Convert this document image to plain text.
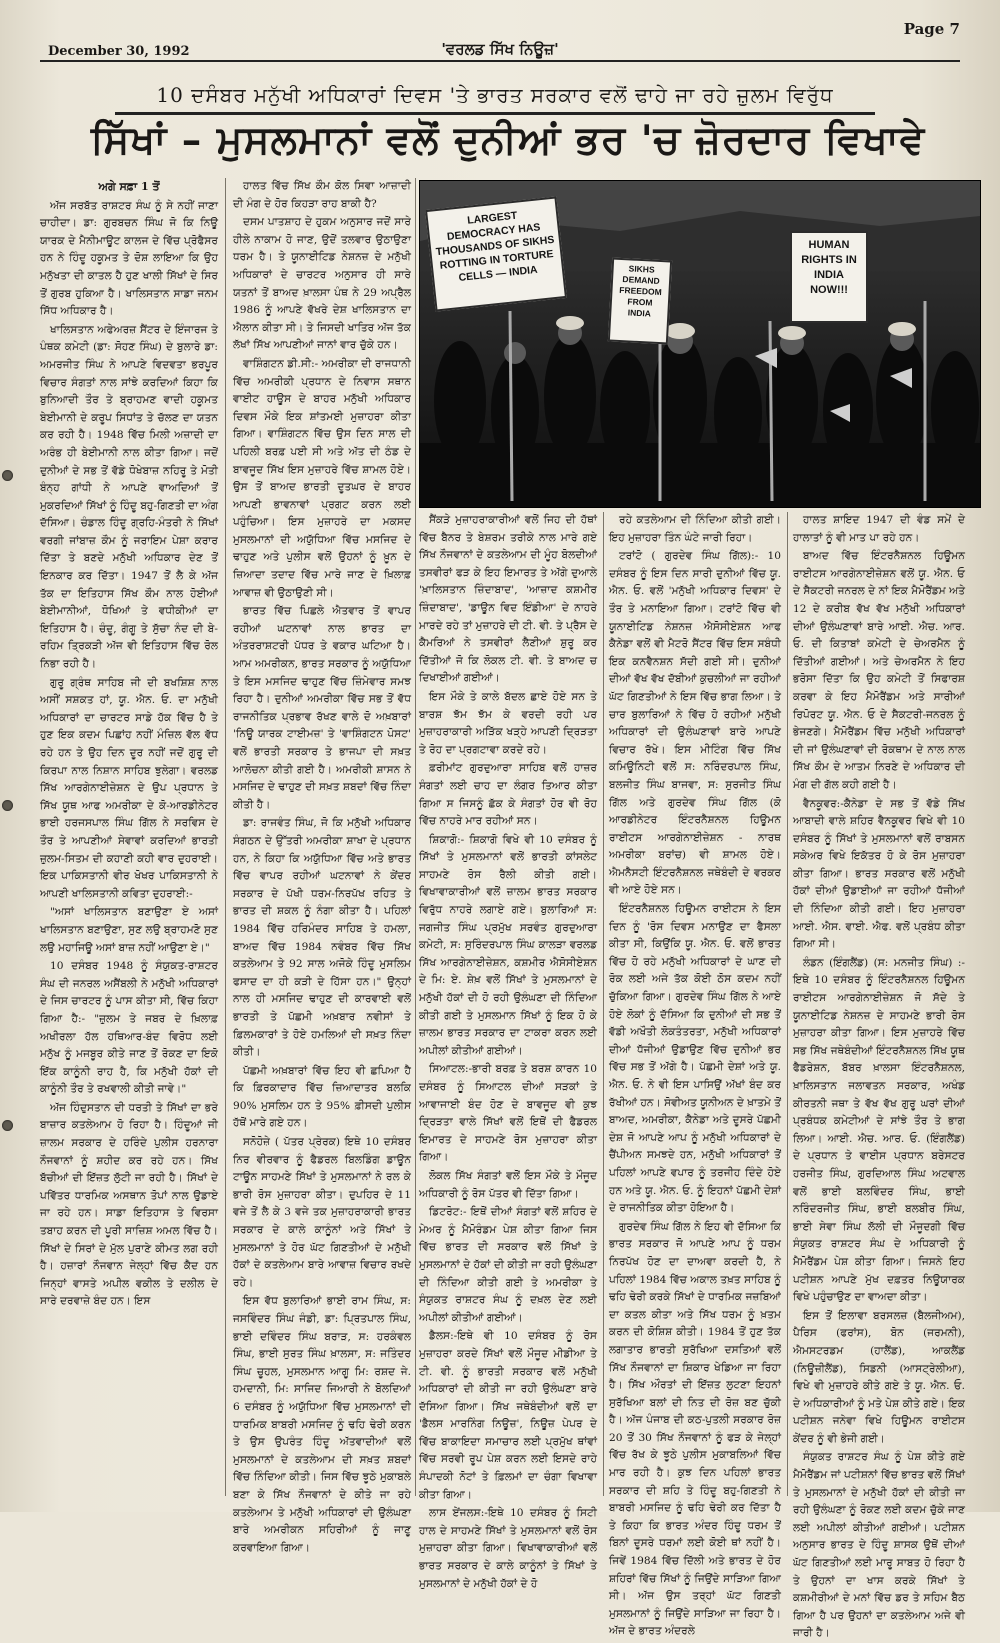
December 30, 1992	'ਵਰਲਡ ਸਿੱਖ ਨਿਊਜ਼'
Page 7
10 ਦਸੰਬਰ ਮਨੁੱਖੀ ਅਧਿਕਾਰਾਂ ਦਿਵਸ 'ਤੇ ਭਾਰਤ ਸਰਕਾਰ ਵਲੋਂ ਢਾਹੇ ਜਾ ਰਹੇ ਜ਼ੁਲਮ ਵਿਰੁੱਧ
ਸਿੱਖਾਂ – ਮੁਸਲਮਾਨਾਂ ਵਲੋਂ ਦੁਨੀਆਂ ਭਰ 'ਚ ਜ਼ੋਰਦਾਰ ਵਿਖਾਵੇ
ਅਗੇ ਸਫ਼ਾ 1 ਤੋਂ

ਅੱਜ ਸਰਬੱਤ ਰਾਸ਼ਟਰ ਸੰਘ ਨੂੰ ਸੇ ਨਹੀਂ ਜਾਣਾ ਚਾਹੀਦਾ। ਡਾ: ਗੁਰਬਚਨ ਸਿੰਘ ਜੋ ਕਿ ਨਿਊ ਯਾਰਕ ਦੇ ਮੈਨੀਮਾਊਟ ਕਾਲਜ ਦੇ ਵਿੱਚ ਪ੍ਰੋਫੈਸਰ ਹਨ ਨੇ ਹਿੰਦੂ ਹਕੂਮਤ ਤੇ ਦੋਸ਼ ਲਾਇਆ ਕਿ ਉਹ ਮਨੁੱਖਤਾ ਦੀ ਕਾਤਲ ਹੈ ਹੁਣ ਖਾਲੀ ਸਿੱਖਾਂ ਦੇ ਸਿਰ ਤੋਂ ਗੁਰਬ ਹੁਕਿਆ ਹੈ। ਖਾਲਿਸਤਾਨ ਸਾਡਾ ਜਨਮ ਸਿੱਧ ਅਧਿਕਾਰ ਹੈ।

ਖਾਲਿਸਤਾਨ ਅਫੇਅਰਜ਼ ਸੈਂਟਰ ਦੇ ਇੰਜਾਰਜ ਤੇ ਪੰਥਕ ਕਮੇਟੀ (ਡਾ: ਸੋਹਣ ਸਿੰਘ) ਦੇ ਬੁਲਾਰੇ ਡਾ: ਅਮਰਜੀਤ ਸਿੰਘ ਨੇ ਆਪਣੇ ਵਿਦਵਤਾ ਭਰਪੂਰ ਵਿਚਾਰ ਸੰਗਤਾਂ ਨਾਲ ਸਾਂਝੇ ਕਰਦਿਆਂ ਕਿਹਾ ਕਿ ਬੁਨਿਆਦੀ ਤੌਰ ਤੇ ਬ੍ਰਾਹਮਣ ਵਾਦੀ ਹਕੂਮਤ ਬੇਈਮਾਨੀ ਦੇ ਕਰੂਪ ਸਿਧਾਂਤ ਤੇ ਚੱਲਣ ਦਾ ਯਤਨ ਕਰ ਰਹੀ ਹੈ। 1948 ਵਿੱਚ ਮਿਲੀ ਅਜ਼ਾਦੀ ਦਾ ਅਰੰਭ ਹੀ ਬੇਈਮਾਨੀ ਨਾਲ ਕੀਤਾ ਗਿਆ। ਜਦੋਂ ਦੁਨੀਆਂ ਦੇ ਸਭ ਤੋਂ ਵੱਡੇ ਧੋਖੇਬਾਜ਼ ਨਹਿਰੂ ਤੇ ਮੋਤੀ ਬੰਨ੍ਹ ਗਾਂਧੀ ਨੇ ਆਪਣੇ ਵਾਅਦਿਆਂ ਤੋਂ ਮੁਕਰਦਿਆਂ ਸਿੱਖਾਂ ਨੂੰ ਹਿੰਦੂ ਬਹੁ-ਗਿਣਤੀ ਦਾ ਅੰਗ ਦੱਸਿਆ। ਚੰਡਾਲ ਹਿੰਦੂ ਗ੍ਰਹਿ-ਮੰਤਰੀ ਨੇ ਸਿੱਖਾਂ ਵਰਗੀ ਜਾਂਬਾਜ਼ ਕੌਮ ਨੂੰ ਜਰਾਇਮ ਪੇਸ਼ਾ ਕਰਾਰ ਦਿੱਤਾ ਤੇ ਬਣਦੇ ਮਨੁੱਖੀ ਅਧਿਕਾਰ ਦੇਣ ਤੋਂ ਇਨਕਾਰ ਕਰ ਦਿੱਤਾ। 1947 ਤੋਂ ਲੈ ਕੇ ਅੱਜ ਤੱਕ ਦਾ ਇਤਿਹਾਸ ਸਿੱਖ ਕੌਮ ਨਾਲ ਹੋਈਆਂ ਬੇਈਮਾਨੀਆਂ, ਧੋਖਿਆਂ ਤੇ ਵਧੀਕੀਆਂ ਦਾ ਇਤਿਹਾਸ ਹੈ। ਚੰਦੂ, ਗੰਗੂ ਤੇ ਸੁੱਚਾ ਨੰਦ ਦੀ ਬੇ-ਰਹਿਮ ਤ੍ਰਿਕੜੀ ਅੱਜ ਵੀ ਇਤਿਹਾਸ ਵਿੱਚ ਰੋਲ ਨਿਭਾ ਰਹੀ ਹੈ।

ਗੁਰੂ ਗ੍ਰੰਥ ਸਾਹਿਬ ਜੀ ਦੀ ਬਖਸ਼ਿਸ਼ ਨਾਲ ਅਸੀਂ ਸਸ਼ਕਤ ਹਾਂ, ਯੂ. ਐਨ. ਓ. ਦਾ ਮਨੁੱਖੀ ਅਧਿਕਾਰਾਂ ਦਾ ਚਾਰਟਰ ਸਾਡੇ ਹੱਕ ਵਿੱਚ ਹੈ ਤੇ ਹੁਣ ਇਕ ਕਦਮ ਪਿਛਾਂਹ ਨਹੀਂ ਮੰਜ਼ਿਲ ਵੱਲ ਵੱਧ ਰਹੇ ਹਨ ਤੇ ਉਹ ਦਿਨ ਦੂਰ ਨਹੀਂ ਜਦੋਂ ਗੁਰੂ ਦੀ ਕਿਰਪਾ ਨਾਲ ਨਿਸ਼ਾਨ ਸਾਹਿਬ ਝੁਲੇਗਾ। ਵਰਲਡ ਸਿੱਖ ਆਰਗੇਨਾਈਜ਼ੇਸ਼ਨ ਦੇ ਉਪ ਪ੍ਰਧਾਨ ਤੇ ਸਿੱਖ ਯੂਥ ਆਫ ਅਮਰੀਕਾ ਦੇ ਕੋ-ਆਰਡੀਨੇਟਰ ਭਾਈ ਹਰਜਸਪਾਲ ਸਿੰਘ ਗਿੱਲ ਨੇ ਸਰਵਿਸ ਦੇ ਤੌਰ ਤੇ ਆਪਣੀਆਂ ਸੇਵਾਵਾਂ ਕਰਦਿਆਂ ਭਾਰਤੀ ਜ਼ੁਲਮ-ਸਿਤਮ ਦੀ ਕਹਾਣੀ ਕਹੀ ਵਾਰ ਦੁਹਰਾਈ। ਇਕ ਪਾਕਿਸਤਾਨੀ ਵੀਰ ਖੋਖਰ ਪਾਕਿਸਤਾਨੀ ਨੇ ਆਪਣੀ ਖਾਲਿਸਤਾਨੀ ਕਵਿਤਾ ਦੁਹਰਾਈ:-

"ਅਸਾਂ ਖਾਲਿਸਤਾਨ ਬਣਾਉਣਾ ਏ ਅਸਾਂ ਖਾਲਿਸਤਾਨ ਬਣਾਉਣਾ, ਸੁਣ ਲਉ ਬ੍ਰਾਹਮਣੋ ਸੁਣ ਲਉ ਮਹਾਜਿਊ ਅਸਾਂ ਬਾਜ਼ ਨਹੀਂ ਆਉਣਾ ਏ।"

10 ਦਸੰਬਰ 1948 ਨੂੰ ਸੰਯੁਕਤ-ਰਾਸ਼ਟਰ ਸੰਘ ਦੀ ਜਨਰਲ ਅਸੈਂਬਲੀ ਨੇ ਮਨੁੱਖੀ ਅਧਿਕਾਰਾਂ ਦੇ ਜਿਸ ਚਾਰਟਰ ਨੂੰ ਪਾਸ ਕੀਤਾ ਸੀ, ਵਿੱਚ ਕਿਹਾ ਗਿਆ ਹੈ:- "ਜ਼ੁਲਮ ਤੇ ਜਬਰ ਦੇ ਖ਼ਿਲਾਫ਼ ਅਖੀਰਲਾ ਹੱਲ ਹਥਿਆਰ-ਬੰਦ ਵਿਰੋਧ ਲਈ ਮਨੁੱਖ ਨੂੰ ਮਜਬੂਰ ਕੀਤੇ ਜਾਣ ਤੋਂ ਰੋਕਣ ਦਾ ਇਕੋ ਇੱਕ ਕਾਨੂੰਨੀ ਰਾਹ ਹੈ, ਕਿ ਮਨੁੱਖੀ ਹੱਕਾਂ ਦੀ ਕਾਨੂੰਨੀ ਤੌਰ ਤੇ ਰਖਵਾਲੀ ਕੀਤੀ ਜਾਵੇ।"

ਅੱਜ ਹਿੰਦੁਸਤਾਨ ਦੀ ਧਰਤੀ ਤੇ ਸਿੱਖਾਂ ਦਾ ਭਰੇ ਬਾਜ਼ਾਰ ਕਤਲੇਆਮ ਹੋ ਰਿਹਾ ਹੈ। ਹਿੰਦੂਆਂ ਜੀ ਜ਼ਾਲਮ ਸਰਕਾਰ ਦੇ ਹਰਿੰਦੇ ਪੁਲੀਸ ਹਰਨਾਰਾ ਨੌਜਵਾਨਾਂ ਨੂੰ ਸ਼ਹੀਦ ਕਰ ਰਹੇ ਹਨ। ਸਿੱਖ ਬੱਚੀਆਂ ਦੀ ਇੱਜ਼ਤ ਲੁੱਟੀ ਜਾ ਰਹੀ ਹੈ। ਸਿੱਖਾਂ ਦੇ ਪਵਿੱਤਰ ਧਾਰਮਿਕ ਅਸਥਾਨ ਤੋਪਾਂ ਨਾਲ ਉਡਾਏ ਜਾ ਰਹੇ ਹਨ। ਸਾਡਾ ਇਤਿਹਾਸ ਤੇ ਵਿਰਸਾ ਤਬਾਹ ਕਰਨ ਦੀ ਪੂਰੀ ਸਾਜ਼ਿਸ਼ ਅਮਲ ਵਿੱਚ ਹੈ। ਸਿੱਖਾਂ ਦੇ ਸਿਰਾਂ ਦੇ ਮੁੱਲ ਪੁਰਾਣੇ ਕੀਮਤ ਲਗ ਰਹੀ ਹੈ। ਹਜ਼ਾਰਾਂ ਨੌਜਵਾਨ ਜੇਲ੍ਹਾਂ ਵਿੱਚ ਕੈਦ ਹਨ ਜਿਨ੍ਹਾਂ ਵਾਸਤੇ ਅਪੀਲ ਵਕੀਲ ਤੇ ਦਲੀਲ ਦੇ ਸਾਰੇ ਦਰਵਾਜ਼ੇ ਬੰਦ ਹਨ। ਇਸ

ਹਾਲਤ ਵਿੱਚ ਸਿੱਖ ਕੌਮ ਕੋਲ ਸਿਵਾ ਆਜ਼ਾਦੀ ਦੀ ਮੰਗ ਦੇ ਹੋਰ ਕਿਹੜਾ ਰਾਹ ਬਾਕੀ ਹੈ?

ਦਸਮ ਪਾਤਸ਼ਾਹ ਦੇ ਹੁਕਮ ਅਨੁਸਾਰ ਜਦੋਂ ਸਾਰੇ ਹੀਲੇ ਨਾਕਾਮ ਹੋ ਜਾਣ, ਉਦੋਂ ਤਲਵਾਰ ਉਠਾਉਣਾ ਧਰਮ ਹੈ। ਤੇ ਯੂਨਾਈਟਿਡ ਨੇਸ਼ਨਜ਼ ਦੇ ਮਨੁੱਖੀ ਅਧਿਕਾਰਾਂ ਦੇ ਚਾਰਟਰ ਅਨੁਸਾਰ ਹੀ ਸਾਰੇ ਯਤਨਾਂ ਤੋਂ ਬਾਅਦ ਖ਼ਾਲਸਾ ਪੰਥ ਨੇ 29 ਅਪ੍ਰੈਲ 1986 ਨੂੰ ਆਪਣੇ ਵੱਖਰੇ ਦੇਸ਼ ਖਾਲਿਸਤਾਨ ਦਾ ਐਲਾਨ ਕੀਤਾ ਸੀ। ਤੇ ਜਿਸਦੀ ਖਾਤਿਰ ਅੱਜ ਤੱਕ ਲੱਖਾਂ ਸਿੱਖ ਆਪਣੀਆਂ ਜਾਨਾਂ ਵਾਰ ਚੁੱਕੇ ਹਨ।

ਵਾਸ਼ਿੰਗਟਨ ਡੀ.ਸੀ:- ਅਮਰੀਕਾ ਦੀ ਰਾਜਧਾਨੀ ਵਿੱਚ ਅਮਰੀਕੀ ਪ੍ਰਧਾਨ ਦੇ ਨਿਵਾਸ ਸਥਾਨ ਵਾਈਟ ਹਾਊਸ ਦੇ ਬਾਹਰ ਮਨੁੱਖੀ ਅਧਿਕਾਰ ਦਿਵਸ ਮੌਕੇ ਇਕ ਸ਼ਾਂਤਮਈ ਮੁਜ਼ਾਹਰਾ ਕੀਤਾ ਗਿਆ। ਵਾਸ਼ਿੰਗਟਨ ਵਿੱਚ ਉਸ ਦਿਨ ਸਾਲ ਦੀ ਪਹਿਲੀ ਬਰਫ਼ ਪਈ ਸੀ ਅਤੇ ਅੱਤ ਦੀ ਠੰਡ ਦੇ ਬਾਵਜੂਦ ਸਿੱਖ ਇਸ ਮੁਜ਼ਾਹਰੇ ਵਿੱਚ ਸ਼ਾਮਲ ਹੋਏ। ਉਸ ਤੋਂ ਬਾਅਦ ਭਾਰਤੀ ਦੂਤਘਰ ਦੇ ਬਾਹਰ ਆਪਣੀ ਭਾਵਨਾਵਾਂ ਪ੍ਰਗਟ ਕਰਨ ਲਈ ਪਹੁੰਚਿਆ। ਇਸ ਮੁਜ਼ਾਹਰੇ ਦਾ ਮਕਸਦ ਮੁਸਲਮਾਨਾਂ ਦੀ ਅਯੁੱਧਿਆ ਵਿੱਚ ਮਸਜਿਦ ਦੇ ਢਾਹੁਣ ਅਤੇ ਪੁਲੀਸ ਵਲੋਂ ਉਹਨਾਂ ਨੂੰ ਖ਼ੂਨ ਦੇ ਜ਼ਿਆਦਾ ਤਦਾਦ ਵਿੱਚ ਮਾਰੇ ਜਾਣ ਦੇ ਖ਼ਿਲਾਫ਼ ਆਵਾਜ਼ ਵੀ ਉਠਾਉਣੀ ਸੀ।

ਭਾਰਤ ਵਿੱਚ ਪਿਛਲੇ ਐਤਵਾਰ ਤੋਂ ਵਾਪਰ ਰਹੀਆਂ ਘਟਨਾਵਾਂ ਨਾਲ ਭਾਰਤ ਦਾ ਅੰਤਰਰਾਸ਼ਟਰੀ ਪੱਧਰ ਤੇ ਵਕਾਰ ਘਟਿਆ ਹੈ। ਆਮ ਅਮਰੀਕਨ, ਭਾਰਤ ਸਰਕਾਰ ਨੂੰ ਅਯੁੱਧਿਆ ਤੇ ਇਸ ਮਸਜਿਦ ਢਾਹੁਣ ਵਿੱਚ ਜ਼ਿੰਮੇਵਾਰ ਸਮਝ ਰਿਹਾ ਹੈ। ਦੁਨੀਆਂ ਅਮਰੀਕਾ ਵਿੱਚ ਸਭ ਤੋਂ ਵੱਧ ਰਾਜਨੀਤਿਕ ਪ੍ਰਭਾਵ ਰੱਖਣ ਵਾਲੇ ਦੋ ਅਖ਼ਬਾਰਾਂ 'ਨਿਊ ਯਾਰਕ ਟਾਈਮਜ਼' ਤੇ 'ਵਾਸ਼ਿੰਗਟਨ ਪੋਸਟ' ਵਲੋਂ ਭਾਰਤੀ ਸਰਕਾਰ ਤੇ ਭਾਜਪਾ ਦੀ ਸਖ਼ਤ ਆਲੋਚਨਾ ਕੀਤੀ ਗਈ ਹੈ। ਅਮਰੀਕੀ ਸ਼ਾਸਨ ਨੇ ਮਸਜਿਦ ਦੇ ਢਾਹੁਣ ਦੀ ਸਖ਼ਤ ਸ਼ਬਦਾਂ ਵਿੱਚ ਨਿੰਦਾ ਕੀਤੀ ਹੈ।

ਡਾ: ਰਾਜਵੰਤ ਸਿੰਘ, ਜੋ ਕਿ ਮਨੁੱਖੀ ਅਧਿਕਾਰ ਸੰਗਠਨ ਦੇ ਉੱਤਰੀ ਅਮਰੀਕਾ ਸ਼ਾਖਾ ਦੇ ਪ੍ਰਧਾਨ ਹਨ, ਨੇ ਕਿਹਾ ਕਿ ਅਯੁੱਧਿਆ ਵਿੱਚ ਅਤੇ ਭਾਰਤ ਵਿੱਚ ਵਾਪਰ ਰਹੀਆਂ ਘਟਨਾਵਾਂ ਨੇ ਕੇਂਦਰ ਸਰਕਾਰ ਦੇ ਪੱਖੀ ਧਰਮ-ਨਿਰਪੱਖ ਰਹਿਤ ਤੇ ਭਾਰਤ ਦੀ ਸ਼ਕਲ ਨੂੰ ਨੰਗਾ ਕੀਤਾ ਹੈ। ਪਹਿਲਾਂ 1984 ਵਿੱਚ ਹਰਿਮੰਦਰ ਸਾਹਿਬ ਤੇ ਹਮਲਾ, ਬਾਅਦ ਵਿੱਚ 1984 ਨਵੰਬਰ ਵਿੱਚ ਸਿੱਖ ਕਤਲੇਆਮ ਤੇ 92 ਸਾਲ ਅਜੋਕੇ ਹਿੰਦੂ ਮੁਸਲਿਮ ਫਸਾਦ ਦਾ ਹੀ ਕੜੀ ਦੇ ਹਿੱਸਾ ਹਨ।" ਉਨ੍ਹਾਂ ਨਾਲ ਹੀ ਮਸਜਿਦ ਢਾਹੁਣ ਦੀ ਕਾਰਵਾਈ ਵਲੋਂ ਭਾਰਤੀ ਤੇ ਪੱਛਮੀ ਅਖ਼ਬਾਰ ਨਵੀਸਾਂ ਤੇ ਫ਼ਿਲਮਕਾਰਾਂ ਤੇ ਹੋਏ ਹਮਲਿਆਂ ਦੀ ਸਖ਼ਤ ਨਿੰਦਾ ਕੀਤੀ।

ਪੱਛਮੀ ਅਖ਼ਬਾਰਾਂ ਵਿੱਚ ਇਹ ਵੀ ਛਪਿਆ ਹੈ ਕਿ ਫ਼ਿਰਕਾਦਾਰ ਵਿੱਚ ਜ਼ਿਆਦਾਤਰ ਬਲਕਿ 90% ਮੁਸਲਿਮ ਹਨ ਤੇ 95% ਫ਼ੀਸਦੀ ਪੁਲੀਸ ਹੱਥੋਂ ਮਾਰੇ ਗਏ ਹਨ।

ਸਨੋਹੋਜ਼ੇ ( ਪੱਤਰ ਪ੍ਰੇਰਕ) ਇਥੇ 10 ਦਸੰਬਰ ਨਿਰ ਵੀਰਵਾਰ ਨੂੰ ਫੈਡਰਲ ਬਿਲਡਿੰਗ ਡਾਊਨ ਟਾਊਨ ਸਾਹਮਣੇ ਸਿੱਖਾਂ ਤੇ ਮੁਸਲਮਾਨਾਂ ਨੇ ਰਲ ਕੇ ਭਾਰੀ ਰੋਸ ਮੁਜ਼ਾਹਰਾ ਕੀਤਾ। ਦੁਪਹਿਰ ਦੇ 11 ਵਜੇ ਤੋਂ ਲੈ ਕੇ 3 ਵਜੇ ਤਕ ਮੁਜ਼ਾਹਰਾਕਾਰੀ ਭਾਰਤ ਸਰਕਾਰ ਦੇ ਕਾਲੇ ਕਾਨੂੰਨਾਂ ਅਤੇ ਸਿੱਖਾਂ ਤੇ ਮੁਸਲਮਾਨਾਂ ਤੇ ਹੋਰ ਘੱਟ ਗਿਣਤੀਆਂ ਦੇ ਮਨੁੱਖੀ ਹੱਕਾਂ ਦੇ ਕਤਲੇਆਮ ਬਾਰੇ ਆਵਾਜ਼ ਵਿਚਾਰ ਰਖਦੇ ਰਹੇ।

ਇਸ ਵੱਧ ਬੁਲਾਰਿਆਂ ਭਾਈ ਰਾਮ ਸਿੰਘ, ਸ: ਜਸਵਿੰਦਰ ਸਿੰਘ ਜੰਡੀ, ਡਾ: ਪ੍ਰਿਤਪਾਲ ਸਿੰਘ, ਭਾਈ ਦਵਿੰਦਰ ਸਿੰਘ ਬਰਾੜ, ਸ: ਹਰਕੰਵਲ ਸਿੰਘ, ਭਾਈ ਸੁਰਤ ਸਿੰਘ ਖ਼ਾਲਸਾ, ਸ: ਜਤਿੰਦਰ ਸਿੰਘ ਚੂਹਲ, ਮੁਸਲਮਾਨ ਆਗੂ ਮਿ: ਰਸ਼ਦ ਜੇ. ਹਮਦਾਨੀ, ਮਿ: ਸਾਜਿਦ ਜਿਆਰੀ ਨੇ ਬੋਲਦਿਆਂ 6 ਦਸੰਬਰ ਨੂੰ ਅਯੁੱਧਿਆ ਵਿੱਚ ਮੁਸਲਮਾਨਾਂ ਦੀ ਧਾਰਮਿਕ ਬਾਬਰੀ ਮਸਜਿਦ ਨੂੰ ਢਹਿ ਢੇਰੀ ਕਰਨ ਤੇ ਉਸ ਉਪਰੰਤ ਹਿੰਦੂ ਅੱਤਵਾਦੀਆਂ ਵਲੋਂ ਮੁਸਲਮਾਨਾਂ ਦੇ ਕਤਲੇਆਮ ਦੀ ਸਖ਼ਤ ਸ਼ਬਦਾਂ ਵਿੱਚ ਨਿੰਦਿਆ ਕੀਤੀ। ਜਿਸ ਵਿੱਚ ਝੂਠੇ ਮੁਕਾਬਲੇ ਬਣਾ ਕੇ ਸਿੱਖ ਨੌਜਵਾਨਾਂ ਦੇ ਕੀਤੇ ਜਾ ਰਹੇ ਕਤਲੇਆਮ ਤੇ ਮਨੁੱਖੀ ਅਧਿਕਾਰਾਂ ਦੀ ਉਲੰਘਣਾ ਬਾਰੇ ਅਮਰੀਕਨ ਸਹਿਰੀਆਂ ਨੂੰ ਜਾਣੂ ਕਰਵਾਇਆ ਗਿਆ।

LARGEST DEMOCRACY HAS THOUSANDS OF SIKHS ROTTING IN TORTURE CELLS — INDIA	SIKHS DEMAND FREEDOM FROM INDIA
HUMAN RIGHTS IN INDIA NOW!!!

ਸੈਂਕੜੇ ਮੁਜ਼ਾਹਰਾਕਾਰੀਆਂ ਵਲੋਂ ਜਿਹ ਦੀ ਹੱਥਾਂ ਵਿੱਚ ਬੈਨਰ ਤੇ ਬੇਸ਼ਰਮ ਤਰੀਕੇ ਨਾਲ ਮਾਰੇ ਗਏ ਸਿੱਖ ਨੌਜਵਾਨਾਂ ਦੇ ਕਤਲੇਆਮ ਦੀ ਮੂੰਹ ਬੋਲਦੀਆਂ ਤਸਵੀਰਾਂ ਫੜ ਕੇ ਇਹ ਇਮਾਰਤ ਤੇ ਅੱਗੇ ਦੁਆਲੇ 'ਖ਼ਾਲਿਸਤਾਨ ਜ਼ਿੰਦਾਬਾਦ', 'ਆਜ਼ਾਦ ਕਸ਼ਮੀਰ ਜ਼ਿੰਦਾਬਾਦ', 'ਡਾਊਨ ਵਿਦ ਇੰਡੀਆ' ਦੇ ਨਾਹਰੇ ਮਾਰਦੇ ਰਹੇ ਤਾਂ ਮੁਜ਼ਾਹਰੇ ਦੀ ਟੀ. ਵੀ. ਤੇ ਪ੍ਰੈਸ ਦੇ ਕੈਮਰਿਆਂ ਨੇ ਤਸਵੀਰਾਂ ਲੈਣੀਆਂ ਸ਼ੁਰੂ ਕਰ ਦਿੱਤੀਆਂ ਜੋ ਕਿ ਲੋਕਲ ਟੀ. ਵੀ. ਤੇ ਬਾਅਦ ਚ ਦਿਖਾਈਆਂ ਗਈਆਂ।

ਇਸ ਮੌਕੇ ਤੇ ਕਾਲੇ ਬੱਦਲ ਛਾਏ ਹੋਏ ਸਨ ਤੇ ਬਾਰਸ਼ ਝੱਮ ਝੱਮ ਕੇ ਵਰਦੀ ਰਹੀ ਪਰ ਮੁਜ਼ਾਹਰਾਕਾਰੀ ਅੜਿੱਕ ਖੜ੍ਹੇ ਆਪਣੀ ਦ੍ਰਿੜਤਾ ਤੇ ਰੋਹ ਦਾ ਪ੍ਰਗਟਾਵਾ ਕਰਦੇ ਰਹੇ।

ਫ਼ਰੀਮਾਂਟ ਗੁਰਦੁਆਰਾ ਸਾਹਿਬ ਵਲੋਂ ਹਾਜ਼ਰ ਸੰਗਤਾਂ ਲਈ ਚਾਹ ਦਾ ਲੰਗਰ ਤਿਆਰ ਕੀਤਾ ਗਿਆ ਸ ਜਿਸਨੂੰ ਛੱਕ ਕੇ ਸੰਗਤਾਂ ਹੋਰ ਵੀ ਰੋਹ ਵਿੱਚ ਨਾਹਰੇ ਮਾਰ ਰਹੀਆਂ ਸਨ।

ਸ਼ਿਕਾਗੋ:- ਸ਼ਿਕਾਗੋ ਵਿਖੇ ਵੀ 10 ਦਸੰਬਰ ਨੂੰ ਸਿੱਖਾਂ ਤੇ ਮੁਸਲਮਾਨਾਂ ਵਲੋਂ ਭਾਰਤੀ ਕਾਂਸਲੇਟ ਸਾਹਮਣੇ ਰੋਸ ਰੈਲੀ ਕੀਤੀ ਗਈ। ਵਿਖਾਵਾਕਾਰੀਆਂ ਵਲੋਂ ਜ਼ਾਲਮ ਭਾਰਤ ਸਰਕਾਰ ਵਿਰੁੱਧ ਨਾਹਰੇ ਲਗਾਏ ਗਏ। ਬੁਲਾਰਿਆਂ ਸ: ਜਗਜੀਤ ਸਿੰਘ ਪ੍ਰਮੁੱਖ ਸਰਵੰਤ ਗੁਰਦੁਆਰਾ ਕਮੇਟੀ, ਸ: ਸੁਰਿੰਦਰਪਾਲ ਸਿੰਘ ਕਾਲੜਾ ਵਰਲਡ ਸਿੱਖ ਆਰਗੇਨਾਈਜ਼ੇਸ਼ਨ, ਕਸ਼ਮੀਰ ਐਸੋਸੀਏਸ਼ਨ ਦੇ ਮਿ: ਏ. ਸ਼ੇਖ਼ ਵਲੋਂ ਸਿੱਖਾਂ ਤੇ ਮੁਸਲਮਾਨਾਂ ਦੇ ਮਨੁੱਖੀ ਹੱਕਾਂ ਦੀ ਹੋ ਰਹੀ ਉਲੰਘਣਾ ਦੀ ਨਿੰਦਿਆ ਕੀਤੀ ਗਈ ਤੇ ਮੁਸਲਮਾਨ ਸਿੱਖਾਂ ਨੂੰ ਇਕ ਹੋ ਕੇ ਜ਼ਾਲਮ ਭਾਰਤ ਸਰਕਾਰ ਦਾ ਟਾਕਰਾ ਕਰਨ ਲਈ ਅਪੀਲਾਂ ਕੀਤੀਆਂ ਗਈਆਂ।

ਸਿਆਟਲ:-ਭਾਰੀ ਬਰਫ਼ ਤੇ ਬਰਸ਼ ਕਾਰਨ 10 ਦਸੰਬਰ ਨੂੰ ਸਿਆਟਲ ਦੀਆਂ ਸੜਕਾਂ ਤੇ ਆਵਾਜਾਈ ਬੰਦ ਹੋਣ ਦੇ ਬਾਵਜੂਦ ਵੀ ਕੁਝ ਦ੍ਰਿੜਤਾ ਵਾਲੇ ਸਿੱਖਾਂ ਵਲੋਂ ਇਥੋਂ ਦੀ ਫੈਡਰਲ ਇਮਾਰਤ ਦੇ ਸਾਹਮਣੇ ਰੋਸ ਮੁਜ਼ਾਹਰਾ ਕੀਤਾ ਗਿਆ।

ਲੋਕਲ ਸਿੱਖ ਸੰਗਤਾਂ ਵਲੋਂ ਇਸ ਮੌਕੇ ਤੇ ਮੌਜੂਦ ਅਧਿਕਾਰੀ ਨੂੰ ਰੋਸ ਪੱਤਰ ਵੀ ਦਿੱਤਾ ਗਿਆ।

ਡਿਟਰੋਟ:- ਇਥੋਂ ਦੀਆਂ ਸੰਗਤਾਂ ਵਲੋਂ ਸ਼ਹਿਰ ਦੇ ਮੇਅਰ ਨੂੰ ਮੈਮੋਰੰਡਮ ਪੇਸ਼ ਕੀਤਾ ਗਿਆ ਜਿਸ ਵਿੱਚ ਭਾਰਤ ਦੀ ਸਰਕਾਰ ਵਲੋਂ ਸਿੱਖਾਂ ਤੇ ਮੁਸਲਮਾਨਾਂ ਦੇ ਹੱਕਾਂ ਦੀ ਕੀਤੀ ਜਾ ਰਹੀ ਉਲੰਘਣਾ ਦੀ ਨਿੰਦਿਆ ਕੀਤੀ ਗਈ ਤੇ ਅਮਰੀਕਾ ਤੇ ਸੰਯੁਕਤ ਰਾਸ਼ਟਰ ਸੰਘ ਨੂੰ ਦਖ਼ਲ ਦੇਣ ਲਈ ਅਪੀਲਾਂ ਕੀਤੀਆਂ ਗਈਆਂ।

ਡੈਲਸ:-ਇਥੇ ਵੀ 10 ਦਸੰਬਰ ਨੂੰ ਰੋਸ ਮੁਜ਼ਾਹਰਾ ਕਰਦੇ ਸਿੱਖਾਂ ਵਲੋਂ ਮੌਜੂਦ ਮੀਡੀਆ ਤੇ ਟੀ. ਵੀ. ਨੂੰ ਭਾਰਤੀ ਸਰਕਾਰ ਵਲੋਂ ਮਨੁੱਖੀ ਅਧਿਕਾਰਾਂ ਦੀ ਕੀਤੀ ਜਾ ਰਹੀ ਉਲੰਘਣਾ ਬਾਰੇ ਦੱਸਿਆ ਗਿਆ। ਸਿੱਖ ਜਥੇਬੰਦੀਆਂ ਵਲੋਂ ਦਾ 'ਡੈਲਸ ਮਾਰਨਿੰਗ ਨਿਊਜ਼', ਨਿਊਜ਼ ਪੇਪਰ ਦੇ ਵਿੱਚ ਬਾਕਾਇਦਾ ਸਮਾਚਾਰ ਲਈ ਪ੍ਰਮੁੱਖ ਥਾਂਵਾਂ ਵਿੱਚ ਸਰਵੀ ਰੂਪ ਪੇਸ਼ ਕਰਨ ਲਈ ਇਸਦੇ ਰਾਹੇ ਸੰਪਾਦਕੀ ਨੋਟਾਂ ਤੇ ਫ਼ਿਲਮਾਂ ਦਾ ਚੰਗਾ ਵਿਖਾਵਾ ਕੀਤਾ ਗਿਆ।

ਲਾਸ ਏਂਜਲਸ:-ਇਥੇ 10 ਦਸੰਬਰ ਨੂੰ ਸਿਟੀ ਹਾਲ ਦੇ ਸਾਹਮਣੇ ਸਿੱਖਾਂ ਤੇ ਮੁਸਲਮਾਨਾਂ ਵਲੋਂ ਰੋਸ ਮੁਜ਼ਾਹਰਾ ਕੀਤਾ ਗਿਆ। ਵਿਖਾਵਾਕਾਰੀਆਂ ਵਲੋਂ ਭਾਰਤ ਸਰਕਾਰ ਦੇ ਕਾਲੇ ਕਾਨੂੰਨਾਂ ਤੇ ਸਿੱਖਾਂ ਤੇ ਮੁਸਲਮਾਨਾਂ ਦੇ ਮਨੁੱਖੀ ਹੱਕਾਂ ਦੇ ਹੋ

ਰਹੇ ਕਤਲੇਆਮ ਦੀ ਨਿੰਦਿਆ ਕੀਤੀ ਗਈ। ਇਹ ਮੁਜ਼ਾਹਰਾ ਤਿੰਨ ਘੰਟੇ ਜਾਰੀ ਰਿਹਾ।

ਟਰਾਂਟੋ ( ਗੁਰਦੇਵ ਸਿੰਘ ਗਿੱਲ):- 10 ਦਸੰਬਰ ਨੂੰ ਇਸ ਦਿਨ ਸਾਰੀ ਦੁਨੀਆਂ ਵਿੱਚ ਯੂ. ਐਨ. ਓ. ਵਲੋਂ 'ਮਨੁੱਖੀ ਅਧਿਕਾਰ ਦਿਵਸ' ਦੇ ਤੌਰ ਤੇ ਮਨਾਇਆ ਗਿਆ। ਟਰਾਂਟੋ ਵਿੱਚ ਵੀ ਯੂਨਾਈਟਿਡ ਨੇਸ਼ਨਜ਼ ਐਸੋਸੀਏਸ਼ਨ ਆਫ ਕੈਨੇਡਾ ਵਲੋਂ ਵੀ ਮੈਟਰੋ ਸੈਂਟਰ ਵਿੱਚ ਇਸ ਸਬੰਧੀ ਇਕ ਕਨਵੈਨਸ਼ਨ ਸੱਦੀ ਗਈ ਸੀ। ਦੁਨੀਆਂ ਦੀਆਂ ਵੱਖ ਵੱਖ ਦੱਬੀਆਂ ਕੁਚਲੀਆਂ ਜਾ ਰਹੀਆਂ ਘੱਟ ਗਿਣਤੀਆਂ ਨੇ ਇਸ ਵਿੱਚ ਭਾਗ ਲਿਆ। ਤੇ ਚਾਰ ਬੁਲਾਰਿਆਂ ਨੇ ਵਿੱਚ ਹੋ ਰਹੀਆਂ ਮਨੁੱਖੀ ਅਧਿਕਾਰਾਂ ਦੀ ਉਲੰਘਣਾਵਾਂ ਬਾਰੇ ਆਪਣੇ ਵਿਚਾਰ ਰੱਖੇ। ਇਸ ਮੀਟਿੰਗ ਵਿੱਚ ਸਿੱਖ ਕਮਿਊਨਿਟੀ ਵਲੋਂ ਸ: ਨਰਿੰਦਰਪਾਲ ਸਿੰਘ, ਬਲਜੀਤ ਸਿੰਘ ਬਾਜਵਾ, ਸ: ਸੁਰਜੀਤ ਸਿੰਘ ਗਿੱਲ ਅਤੇ ਗੁਰਦੇਵ ਸਿੰਘ ਗਿੱਲ (ਕੋ ਆਰਡੀਨੇਟਰ ਇੰਟਰਨੈਸ਼ਨਲ ਹਿਊਮਨ ਰਾਈਟਸ ਆਰਗੇਨਾਈਜ਼ੇਸ਼ਨ - ਨਾਰਥ ਅਮਰੀਕਾ ਬਰਾਂਚ) ਵੀ ਸ਼ਾਮਲ ਹੋਏ। ਐਮਨੈਸਟੀ ਇੰਟਰਨੈਸ਼ਨਲ ਜਥੇਬੰਦੀ ਦੇ ਵਰਕਰ ਵੀ ਆਏ ਹੋਏ ਸਨ।

ਇੰਟਰਨੈਸ਼ਨਲ ਹਿਊਮਨ ਰਾਈਟਸ ਨੇ ਇਸ ਦਿਨ ਨੂੰ 'ਰੋਸ ਦਿਵਸ ਮਨਾਉਣ ਦਾ ਫੈਸਲਾ ਕੀਤਾ ਸੀ, ਕਿਉਂਕਿ ਯੂ. ਐਨ. ਓ. ਵਲੋਂ ਭਾਰਤ ਵਿੱਚ ਹੋ ਰਹੇ ਮਨੁੱਖੀ ਅਧਿਕਾਰਾਂ ਦੇ ਘਾਣ ਦੀ ਰੋਕ ਲਈ ਅਜੇ ਤੱਕ ਕੋਈ ਠੋਸ ਕਦਮ ਨਹੀਂ ਚੁੱਕਿਆ ਗਿਆ। ਗੁਰਦੇਵ ਸਿੰਘ ਗਿੱਲ ਨੇ ਆਏ ਹੋਏ ਲੋਕਾਂ ਨੂੰ ਦੱਸਿਆ ਕਿ ਦੁਨੀਆਂ ਦੀ ਸਭ ਤੋਂ ਵੱਡੀ ਅਖੌਤੀ ਲੋਕਤੰਤਰਤਾ, ਮਨੁੱਖੀ ਅਧਿਕਾਰਾਂ ਦੀਆਂ ਧੱਜੀਆਂ ਉਡਾਉਣ ਵਿੱਚ ਦੁਨੀਆਂ ਭਰ ਵਿੱਚ ਸਭ ਤੋਂ ਅੱਗੇ ਹੈ। ਪੱਛਮੀ ਦੇਸ਼ਾਂ ਅਤੇ ਯੂ. ਐਨ. ਓ. ਨੇ ਵੀ ਇਸ ਪਾਸਿਉਂ ਅੱਖਾਂ ਬੰਦ ਕਰ ਰੱਖੀਆਂ ਹਨ। ਸੋਵੀਅਤ ਯੂਨੀਅਨ ਦੇ ਖ਼ਾਤਮੇ ਤੋਂ ਬਾਅਦ, ਅਮਰੀਕਾ, ਕੈਨੇਡਾ ਅਤੇ ਦੂਸਰੇ ਪੱਛਮੀ ਦੇਸ਼ ਜੋ ਆਪਣੇ ਆਪ ਨੂੰ ਮਨੁੱਖੀ ਅਧਿਕਾਰਾਂ ਦੇ ਚੈਂਪੀਅਨ ਸਮਝਦੇ ਹਨ, ਮਨੁੱਖੀ ਅਧਿਕਾਰਾਂ ਤੋਂ ਪਹਿਲਾਂ ਆਪਣੇ ਵਪਾਰ ਨੂੰ ਤਰਜੀਹ ਦਿੰਦੇ ਹੋਏ ਹਨ ਅਤੇ ਯੂ. ਐਨ. ਓ. ਨੂੰ ਇਹਨਾਂ ਪੱਛਮੀ ਦੇਸ਼ਾਂ ਦੇ ਰਾਜਨੀਤਿਕ ਕੀਤਾ ਹੋਇਆ ਹੈ।

ਗੁਰਦੇਵ ਸਿੰਘ ਗਿੱਲ ਨੇ ਇਹ ਵੀ ਦੱਸਿਆ ਕਿ ਭਾਰਤ ਸਰਕਾਰ ਜੋ ਆਪਣੇ ਆਪ ਨੂੰ ਧਰਮ ਨਿਰਪੱਖ ਹੋਣ ਦਾ ਦਾਅਵਾ ਕਰਦੀ ਹੈ, ਨੇ ਪਹਿਲਾਂ 1984 ਵਿੱਚ ਅਕਾਲ ਤਖ਼ਤ ਸਾਹਿਬ ਨੂੰ ਢਹਿ ਢੇਰੀ ਕਰਕੇ ਸਿੱਖਾਂ ਦੇ ਧਾਰਮਿਕ ਜਜ਼ਬਿਆਂ ਦਾ ਕਤਲ ਕੀਤਾ ਅਤੇ ਸਿੱਖ ਧਰਮ ਨੂੰ ਖ਼ਤਮ ਕਰਨ ਦੀ ਕੋਸ਼ਿਸ਼ ਕੀਤੀ। 1984 ਤੋਂ ਹੁਣ ਤੱਕ ਲਗਾਤਾਰ ਭਾਰਤੀ ਸੁਰੱਖਿਆ ਦਸਤਿਆਂ ਵਲੋਂ ਸਿੱਖ ਨੌਜਵਾਨਾਂ ਦਾ ਸ਼ਿਕਾਰ ਖੇਡਿਆ ਜਾ ਰਿਹਾ ਹੈ। ਸਿੱਖ ਔਰਤਾਂ ਦੀ ਇੱਜ਼ਤ ਲੁਟਣਾ ਇਹਨਾਂ ਸੁਰੱਖਿਆ ਬਲਾਂ ਦੀ ਨਿਤ ਦੀ ਰੋਜ਼ ਬਣ ਚੁੱਕੀ ਹੈ। ਅੱਜ ਪੰਜਾਬ ਦੀ ਕਠ-ਪੁਤਲੀ ਸਰਕਾਰ ਰੋਜ਼ 20 ਤੋਂ 30 ਸਿੱਖ ਨੌਜਵਾਨਾਂ ਨੂੰ ਫੜ ਕੇ ਜੇਲ੍ਹਾਂ ਵਿੱਚ ਰੱਖ ਕੇ ਝੂਠੇ ਪੁਲੀਸ ਮੁਕਾਬਲਿਆਂ ਵਿੱਚ ਮਾਰ ਰਹੀ ਹੈ। ਕੁਝ ਦਿਨ ਪਹਿਲਾਂ ਭਾਰਤ ਸਰਕਾਰ ਦੀ ਸ਼ਹਿ ਤੇ ਹਿੰਦੂ ਬਹੁ-ਗਿਣਤੀ ਨੇ ਬਾਬਰੀ ਮਸਜਿਦ ਨੂੰ ਢਹਿ ਢੇਰੀ ਕਰ ਦਿੱਤਾ ਹੈ ਤੇ ਕਿਹਾ ਕਿ ਭਾਰਤ ਅੰਦਰ ਹਿੰਦੂ ਧਰਮ ਤੋਂ ਬਿਨਾਂ ਦੂਸਰੇ ਧਰਮਾਂ ਲਈ ਕੋਈ ਥਾਂ ਨਹੀਂ ਹੈ। ਜਿਵੇਂ 1984 ਵਿੱਚ ਦਿੱਲੀ ਅਤੇ ਭਾਰਤ ਦੇ ਹੋਰ ਸ਼ਹਿਰਾਂ ਵਿੱਚ ਸਿੱਖਾਂ ਨੂੰ ਜਿਉਂਦੇ ਸਾੜਿਆ ਗਿਆ ਸੀ। ਅੱਜ ਉਸ ਤਰ੍ਹਾਂ ਘੱਟ ਗਿਣਤੀ ਮੁਸਲਮਾਨਾਂ ਨੂੰ ਜਿਉਂਦੇ ਸਾੜਿਆ ਜਾ ਰਿਹਾ ਹੈ। ਅੱਜ ਦੇ ਭਾਰਤ ਅੰਦਰਲੇ

ਹਾਲਤ ਸ਼ਾਇਦ 1947 ਦੀ ਵੰਡ ਸਮੇਂ ਦੇ ਹਾਲਾਤਾਂ ਨੂੰ ਵੀ ਮਾਤ ਪਾ ਰਹੇ ਹਨ।

ਬਾਅਦ ਵਿੱਚ ਇੰਟਰਨੈਸ਼ਨਲ ਹਿਊਮਨ ਰਾਈਟਸ ਆਰਗੇਨਾਈਜ਼ੇਸ਼ਨ ਵਲੋਂ ਯੂ. ਐਨ. ਓ ਦੇ ਸੈਕਟਰੀ ਜਨਰਲ ਦੇ ਨਾਂ ਇਕ ਮੈਮੋਰੈਂਡਮ ਅਤੇ 12 ਦੇ ਕਰੀਬ ਵੱਖ ਵੱਖ ਮਨੁੱਖੀ ਅਧਿਕਾਰਾਂ ਦੀਆਂ ਉਲੰਘਣਾਵਾਂ ਬਾਰੇ ਆਈ. ਐਚ. ਆਰ. ਓ. ਦੀ ਕਿਤਾਬਾਂ ਕਮੇਟੀ ਦੇ ਚੇਅਰਮੈਨ ਨੂੰ ਦਿੱਤੀਆਂ ਗਈਆਂ। ਅਤੇ ਚੇਅਰਮੈਨ ਨੇ ਇਹ ਭਰੋਸਾ ਦਿੱਤਾ ਕਿ ਉਹ ਕਮੇਟੀ ਤੋਂ ਸਿਫਾਰਸ਼ ਕਰਵਾ ਕੇ ਇਹ ਮੈਮੋਰੈਂਡਮ ਅਤੇ ਸਾਰੀਆਂ ਰਿਪੋਰਟ ਯੂ. ਐਨ. ਓ ਦੇ ਸੈਕਟਰੀ-ਜਨਰਲ ਨੂੰ ਭੇਜਣਗੇ। ਮੈਮੋਰੈਂਡਮ ਵਿੱਚ ਮਨੁੱਖੀ ਅਧਿਕਾਰਾਂ ਦੀ ਜਾਂ ਉਲੰਘਣਾਵਾਂ ਦੀ ਰੋਕਥਾਮ ਦੇ ਨਾਲ ਨਾਲ ਸਿੱਖ ਕੌਮ ਦੇ ਆਤਮ ਨਿਰਣੇ ਦੇ ਅਧਿਕਾਰ ਦੀ ਮੰਗ ਦੀ ਗੱਲ ਕਹੀ ਗਈ ਹੈ।

ਵੈਨਕੂਵਰ:-ਕੈਨੇਡਾ ਦੇ ਸਭ ਤੋਂ ਵੱਡੇ ਸਿੱਖ ਆਬਾਦੀ ਵਾਲੇ ਸ਼ਹਿਰ ਵੈਨਕੂਵਰ ਵਿਖੇ ਵੀ 10 ਦਸੰਬਰ ਨੂੰ ਸਿੱਖਾਂ ਤੇ ਮੁਸਲਮਾਨਾਂ ਵਲੋਂ ਰਾਬਸਨ ਸਕੇਅਰ ਵਿਖੇ ਇਕੱਤਰ ਹੋ ਕੇ ਰੋਸ ਮੁਜ਼ਾਹਰਾ ਕੀਤਾ ਗਿਆ। ਭਾਰਤ ਸਰਕਾਰ ਵਲੋਂ ਮਨੁੱਖੀ ਹੱਕਾਂ ਦੀਆਂ ਉਡਾਈਆਂ ਜਾ ਰਹੀਆਂ ਧੱਜੀਆਂ ਦੀ ਨਿੰਦਿਆ ਕੀਤੀ ਗਈ। ਇਹ ਮੁਜ਼ਾਹਰਾ ਆਈ. ਐਸ. ਵਾਈ. ਐਫ. ਵਲੋਂ ਪ੍ਰਬੰਧ ਕੀਤਾ ਗਿਆ ਸੀ।

ਲੰਡਨ (ਇੰਗਲੈਂਡ) (ਸ: ਮਨਜੀਤ ਸਿੰਘ) :- ਇਥੇ 10 ਦਸੰਬਰ ਨੂੰ ਇੰਟਰਨੈਸ਼ਨਲ ਹਿਊਮਨ ਰਾਈਟਸ ਆਰਗੇਨਾਈਜ਼ੇਸ਼ਨ ਜੋ ਸੱਦੇ ਤੇ ਯੂਨਾਈਟਿਡ ਨੇਸ਼ਨਜ਼ ਦੇ ਸਾਹਮਣੇ ਭਾਰੀ ਰੋਸ ਮੁਜ਼ਾਹਰਾ ਕੀਤਾ ਗਿਆ। ਇਸ ਮੁਜ਼ਾਹਰੇ ਵਿੱਚ ਸਭ ਸਿੱਖ ਜਥੇਬੰਦੀਆਂ ਇੰਟਰਨੈਸ਼ਨਲ ਸਿੱਖ ਯੂਥ ਫੈਡਰੇਸ਼ਨ, ਬੱਬਰ ਖ਼ਾਲਸਾ ਇੰਟਰਨੈਸ਼ਨਲ, ਖ਼ਾਲਿਸਤਾਨ ਜਲਾਵਤਨ ਸਰਕਾਰ, ਅਖੰਡ ਕੀਰਤਨੀ ਜਥਾ ਤੇ ਵੱਖ ਵੱਖ ਗੁਰੂ ਘਰਾਂ ਦੀਆਂ ਪ੍ਰਬੰਧਕ ਕਮੇਟੀਆਂ ਦੇ ਸਾਂਝੇ ਤੌਰ ਤੇ ਭਾਗ ਲਿਆ। ਆਈ. ਐਚ. ਆਰ. ਓ. (ਇੰਗਲੈਂਡ) ਦੇ ਪ੍ਰਧਾਨ ਤੇ ਵਾਈਸ ਪ੍ਰਧਾਨ ਬਰੇਸਟਰ ਹਰਜੀਤ ਸਿੰਘ, ਗੁਰਦਿਆਲ ਸਿੰਘ ਅਟਵਾਲ ਵਲੋਂ ਭਾਈ ਬਲਵਿੰਦਰ ਸਿੰਘ, ਭਾਈ ਨਰਿੰਦਰਜੀਤ ਸਿੰਘ, ਭਾਈ ਬਲਬੀਰ ਸਿੰਘ, ਭਾਈ ਸੇਵਾ ਸਿੰਘ ਲੱਲੀ ਦੀ ਮੌਜੂਦਗੀ ਵਿੱਚ ਸੰਯੁਕਤ ਰਾਸ਼ਟਰ ਸੰਘ ਦੇ ਅਧਿਕਾਰੀ ਨੂੰ ਮੈਮੋਰੈਂਡਮ ਪੇਸ਼ ਕੀਤਾ ਗਿਆ। ਜਿਸਨੇ ਇਹ ਪਟੀਸ਼ਨ ਆਪਣੇ ਮੁੱਖ ਦਫ਼ਤਰ ਨਿਊਯਾਰਕ ਵਿਖੇ ਪਹੁੰਚਾਉਣ ਦਾ ਵਾਅਦਾ ਕੀਤਾ।

ਇਸ ਤੋਂ ਇਲਾਵਾ ਬਰਸਲਜ਼ (ਬੈਲਜੀਅਮ), ਪੈਰਿਸ (ਫਰਾਂਸ), ਬੋਨ (ਜਰਮਨੀ), ਐਮਸਟਰਡਮ (ਹਾਲੈਂਡ), ਆਕਲੈਂਡ (ਨਿਊਜ਼ੀਲੈਂਡ), ਸਿਡਨੀ (ਆਸਟ੍ਰੇਲੀਆ), ਵਿਖੇ ਵੀ ਮੁਜ਼ਾਹਰੇ ਕੀਤੇ ਗਏ ਤੇ ਯੂ. ਐਨ. ਓ. ਦੇ ਅਧਿਕਾਰੀਆਂ ਨੂੰ ਮਤੇ ਪੇਸ਼ ਕੀਤੇ ਗਏ। ਇਕ ਪਟੀਸ਼ਨ ਜਨੇਵਾ ਵਿਖੇ ਹਿਊਮਨ ਰਾਈਟਸ ਕੇਂਦਰ ਨੂੰ ਵੀ ਭੇਜੀ ਗਈ।

ਸੰਯੁਕਤ ਰਾਸ਼ਟਰ ਸੰਘ ਨੂੰ ਪੇਸ਼ ਕੀਤੇ ਗਏ ਮੈਮੋਰੈਂਡਮ ਜਾਂ ਪਟੀਸ਼ਨਾਂ ਵਿੱਚ ਭਾਰਤ ਵਲੋਂ ਸਿੱਖਾਂ ਤੇ ਮੁਸਲਮਾਨਾਂ ਦੇ ਮਨੁੱਖੀ ਹੱਕਾਂ ਦੀ ਕੀਤੀ ਜਾ ਰਹੀ ਉਲੰਘਣਾ ਨੂੰ ਰੋਕਣ ਲਈ ਕਦਮ ਚੁੱਕੇ ਜਾਣ ਲਈ ਅਪੀਲਾਂ ਕੀਤੀਆਂ ਗਈਆਂ। ਪਟੀਸ਼ਨ ਅਨੁਸਾਰ ਭਾਰਤ ਦੇ ਹਿੰਦੂ ਸ਼ਾਸਕ ਉਥੋਂ ਦੀਆਂ ਘੱਟ ਗਿਣਤੀਆਂ ਲਈ ਮਾਰੂ ਸਾਬਤ ਹੋ ਰਿਹਾ ਹੈ ਤੇ ਉਹਨਾਂ ਦਾ ਖਾਸ ਕਰਕੇ ਸਿੱਖਾਂ ਤੇ ਕਸ਼ਮੀਰੀਆਂ ਦੇ ਮਨਾਂ ਵਿੱਚ ਡਰ ਤੇ ਸਹਿਮ ਬੈਠ ਗਿਆ ਹੈ ਪਰ ਉਹਨਾਂ ਦਾ ਕਤਲੇਆਮ ਅਜੇ ਵੀ ਜਾਰੀ ਹੈ।
